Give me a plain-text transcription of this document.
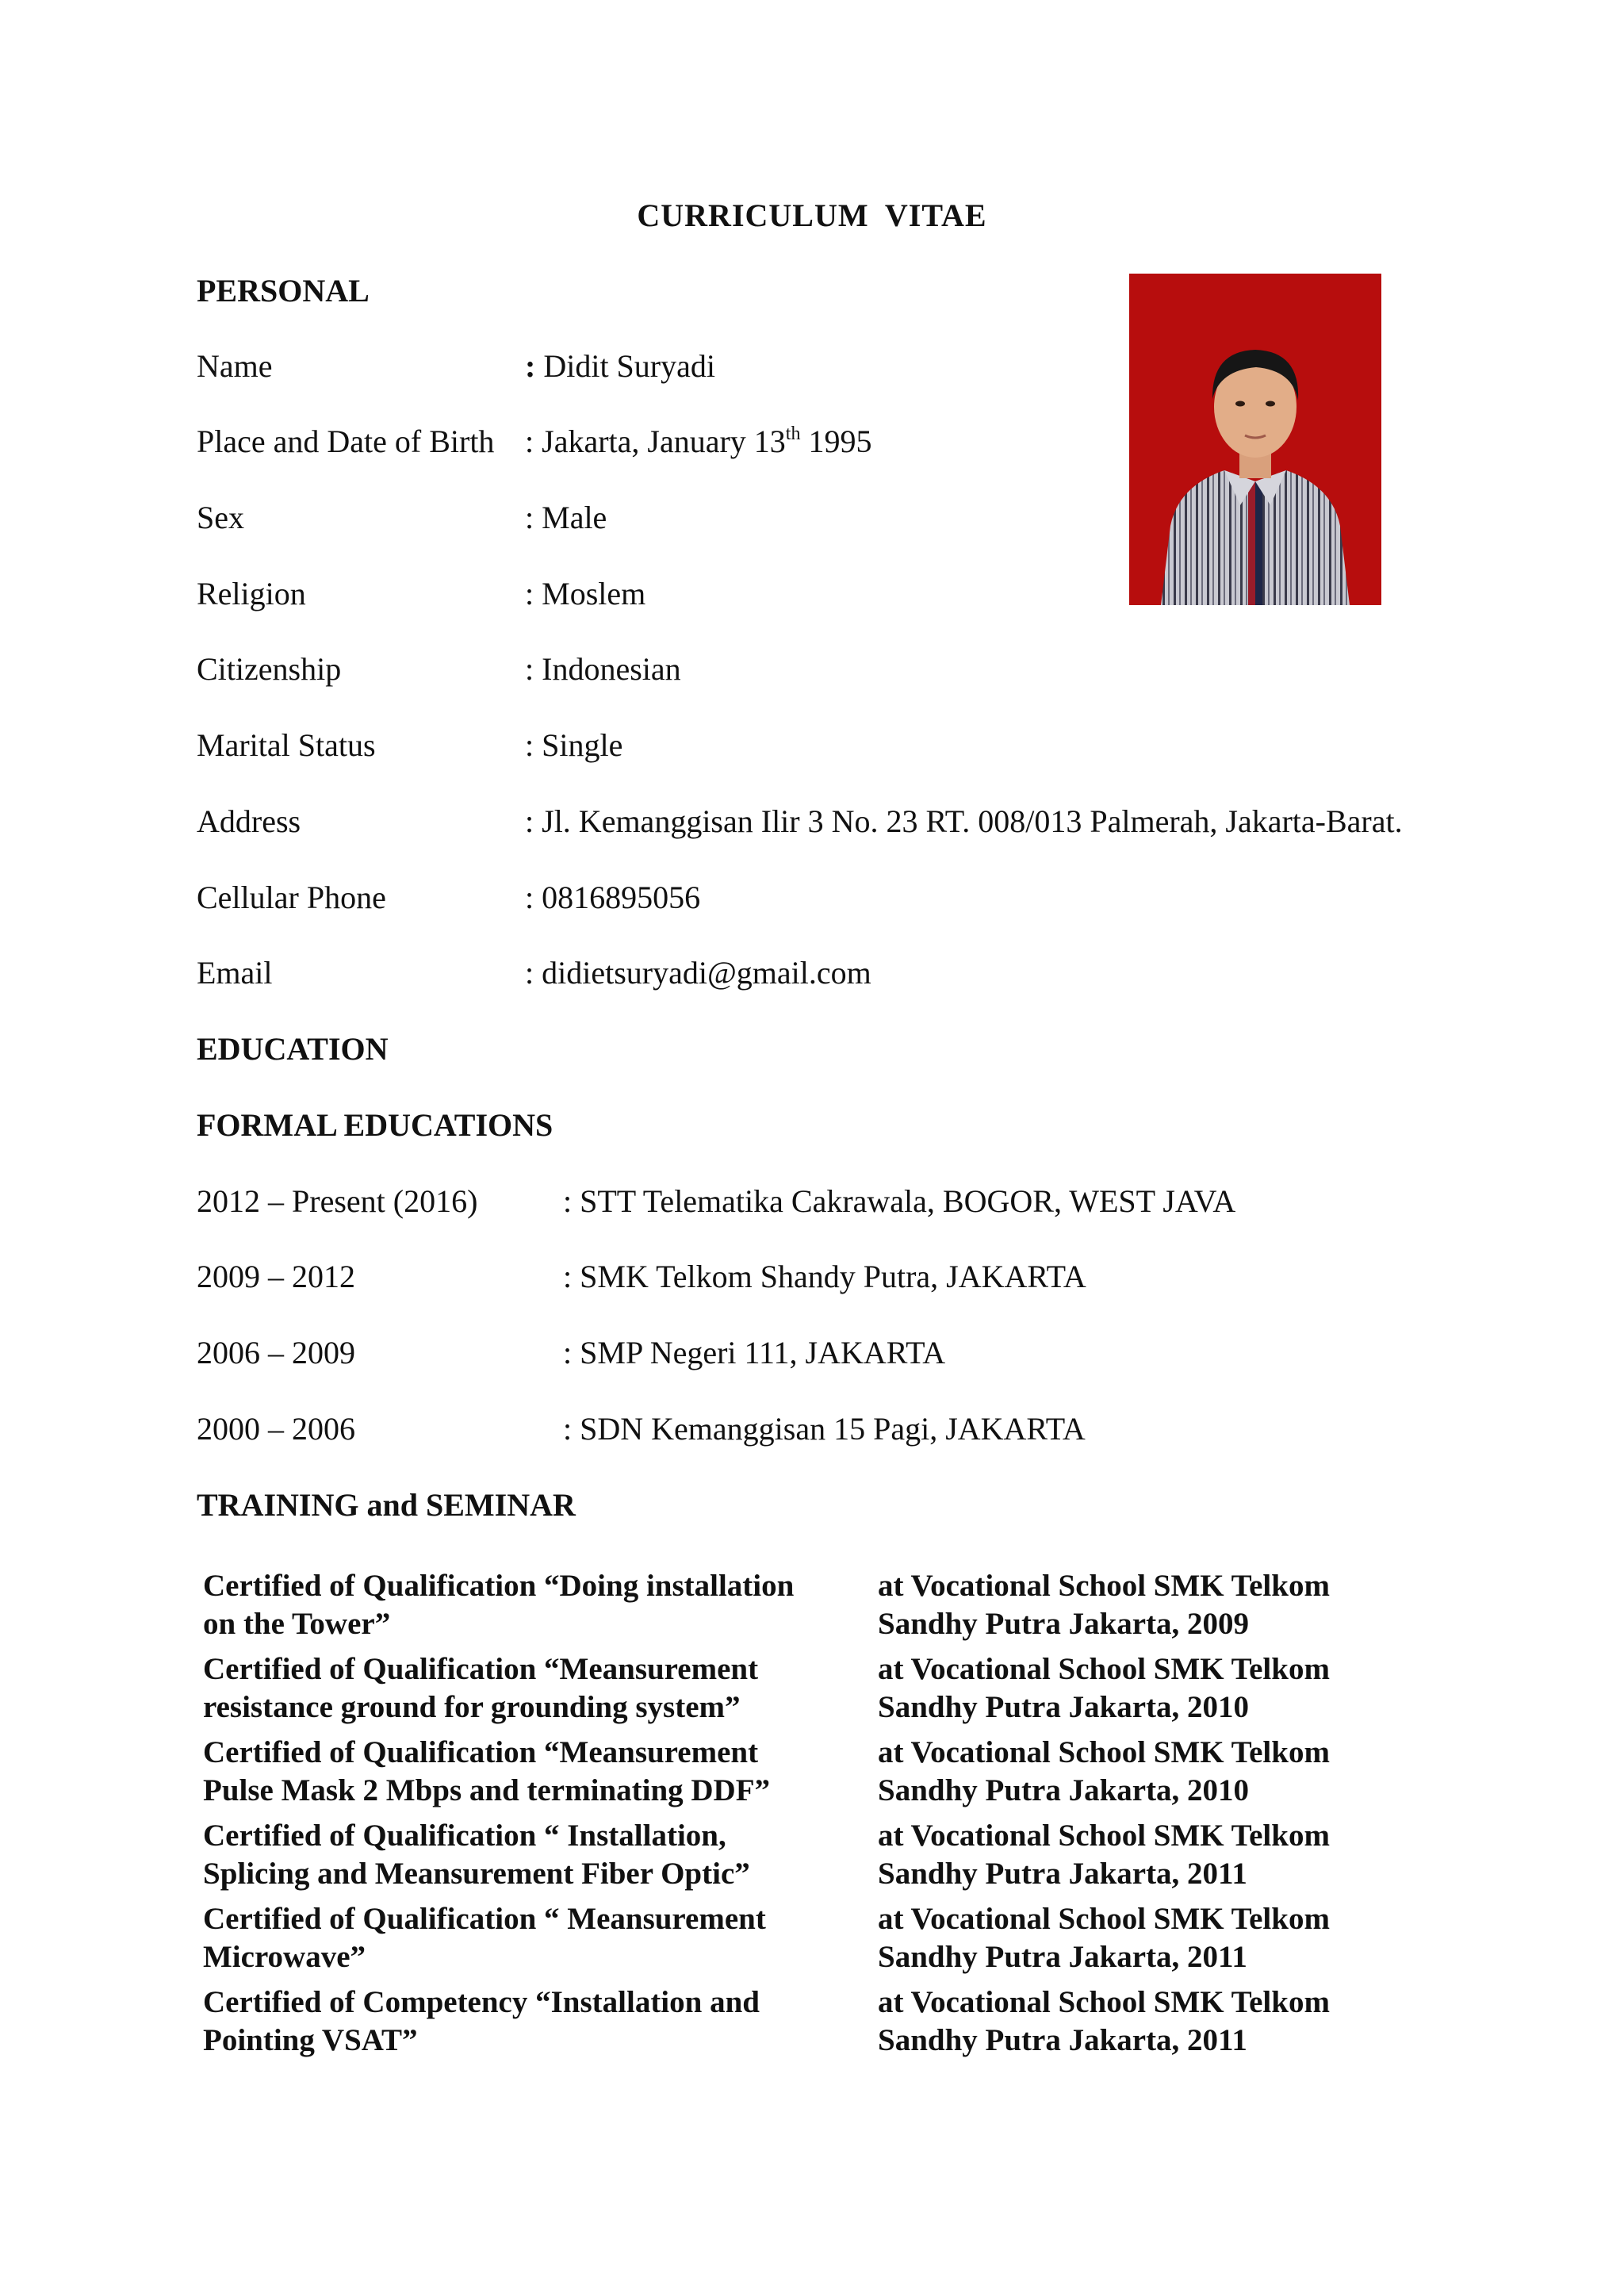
CURRICULUM VITAE
PERSONAL
Name	: Didit Suryadi
Place and Date of Birth : Jakarta, January 13th 1995
Sex	: Male
Religion	: Moslem
Citizenship	: Indonesian
Marital Status	: Single
Address	: Jl. Kemanggisan Ilir 3 No. 23 RT. 008/013 Palmerah, Jakarta-Barat.
Cellular Phone	: 0816895056
Email	: didietsuryadi@gmail.com
EDUCATION
FORMAL EDUCATIONS
2012 – Present (2016)	: STT Telematika Cakrawala, BOGOR, WEST JAVA
2009 – 2012	: SMK Telkom Shandy Putra, JAKARTA
2006 – 2009	: SMP Negeri 111, JAKARTA
2000 – 2006	: SDN Kemanggisan 15 Pagi, JAKARTA
TRAINING and SEMINAR
Certified of Qualification “Doing installation
on the Tower”
at Vocational School SMK Telkom
Sandhy Putra Jakarta, 2009
Certified of Qualification “Meansurement
resistance ground for grounding system”
at Vocational School SMK Telkom
Sandhy Putra Jakarta, 2010
Certified of Qualification “Meansurement
Pulse Mask 2 Mbps and terminating DDF”
at Vocational School SMK Telkom
Sandhy Putra Jakarta, 2010
Certified of Qualification “ Installation,
Splicing and Meansurement Fiber Optic”
at Vocational School SMK Telkom
Sandhy Putra Jakarta, 2011
Certified of Qualification “ Meansurement
Microwave”
at Vocational School SMK Telkom
Sandhy Putra Jakarta, 2011
Certified of Competency “Installation and
Pointing VSAT”
at Vocational School SMK Telkom
Sandhy Putra Jakarta, 2011
